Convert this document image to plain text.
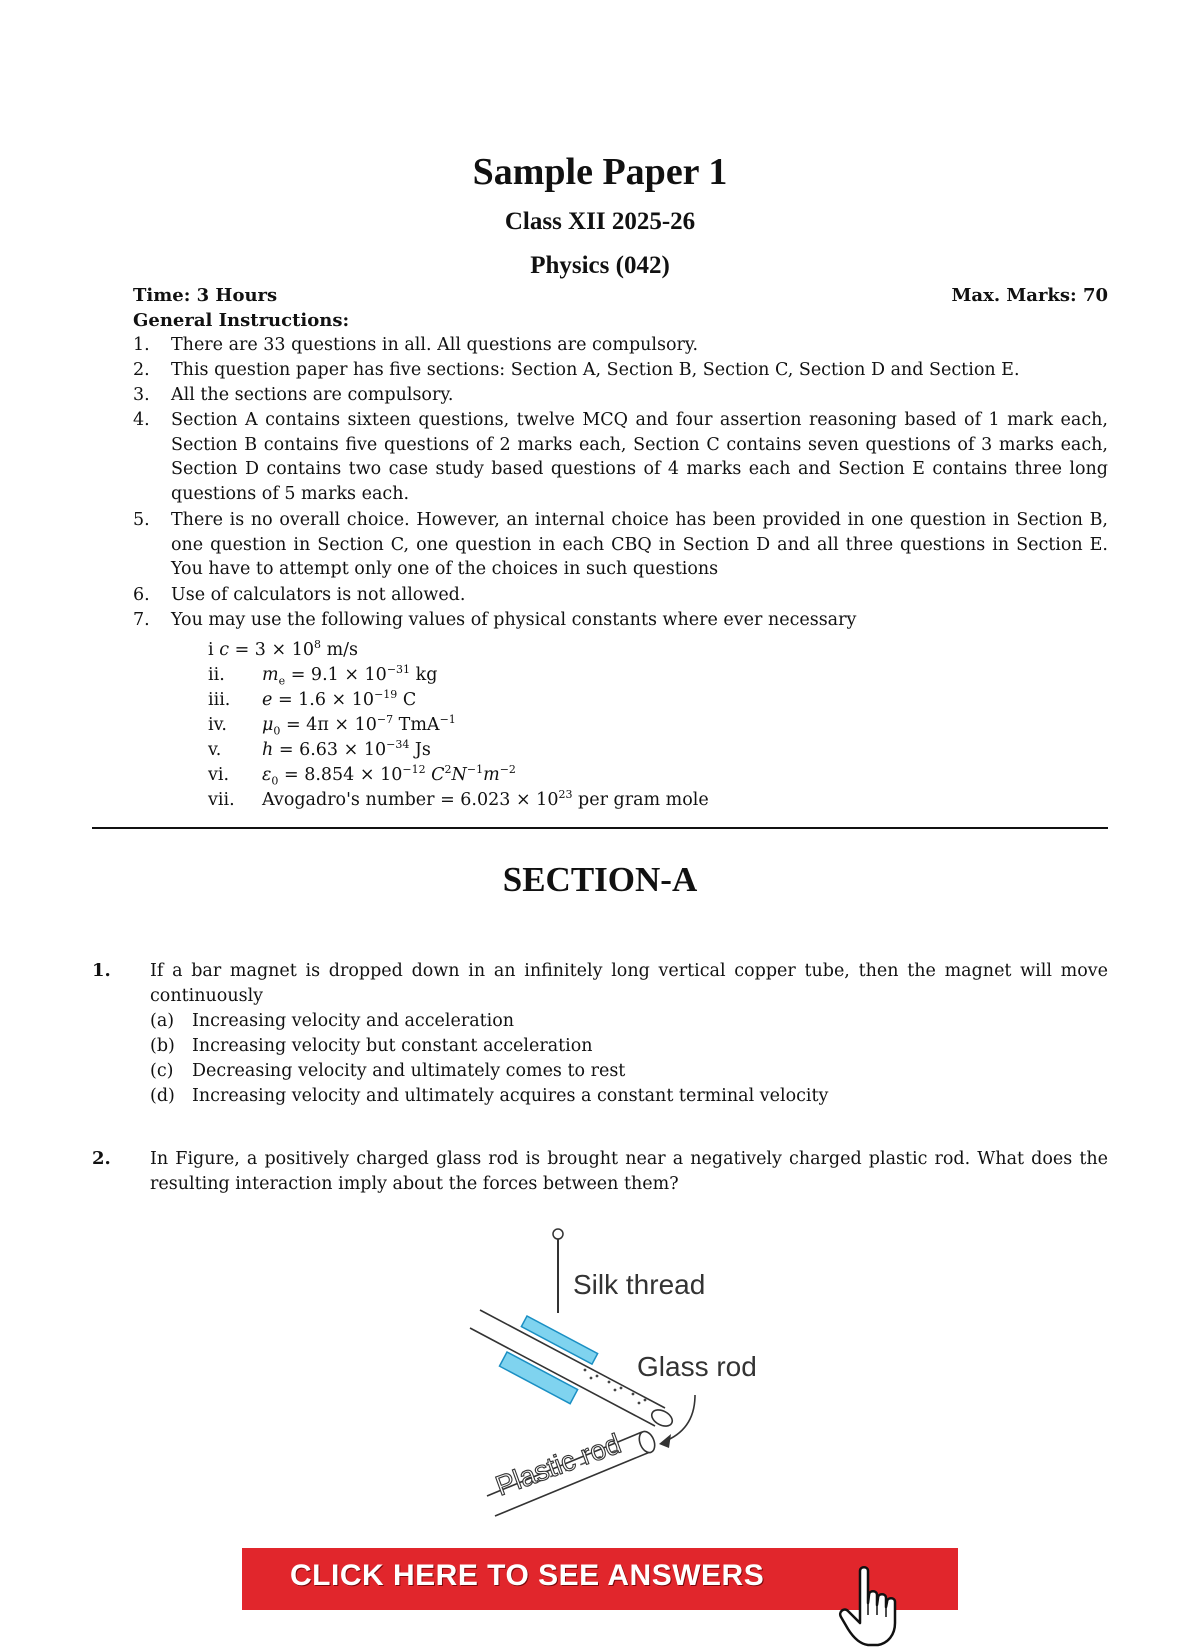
Sample Paper 1
Class XII 2025-26
Physics (042)
Time: 3 Hours	Max. Marks: 70
General Instructions:
1. There are 33 questions in all. All questions are compulsory.
2. This question paper has five sections: Section A, Section B, Section C, Section D and Section E.
3. All the sections are compulsory.
4. Section A contains sixteen questions, twelve MCQ and four assertion reasoning based of 1 mark each, Section B contains five questions of 2 marks each, Section C contains seven questions of 3 marks each, Section D contains two case study based questions of 4 marks each and Section E contains three long questions of 5 marks each.
5. There is no overall choice. However, an internal choice has been provided in one question in Section B, one question in Section C, one question in each CBQ in Section D and all three questions in Section E. You have to attempt only one of the choices in such questions
6. Use of calculators is not allowed.
7. You may use the following values of physical constants where ever necessary
i $c = 3 \times 10^8$ m/s
ii. $m_e = 9.1 \times 10^{-31}$ kg
iii. $e = 1.6 \times 10^{-19}$ C
iv. $\mu_0 = 4\pi \times 10^{-7}$ TmA$^{-1}$
v. $h = 6.63 \times 10^{-34}$ Js
vi. $\varepsilon_0 = 8.854 \times 10^{-12}$ $C^2N^{-1}m^{-2}$
vii. Avogadro's number = $6.023 \times 10^{23}$ per gram mole
SECTION-A
1. If a bar magnet is dropped down in an infinitely long vertical copper tube, then the magnet will move continuously
(a) Increasing velocity and acceleration
(b) Increasing velocity but constant acceleration
(c) Decreasing velocity and ultimately comes to rest
(d) Increasing velocity and ultimately acquires a constant terminal velocity
2. In Figure, a positively charged glass rod is brought near a negatively charged plastic rod. What does the resulting interaction imply about the forces between them?
Silk thread
Glass rod
Plastic rod
CLICK HERE TO SEE ANSWERS
